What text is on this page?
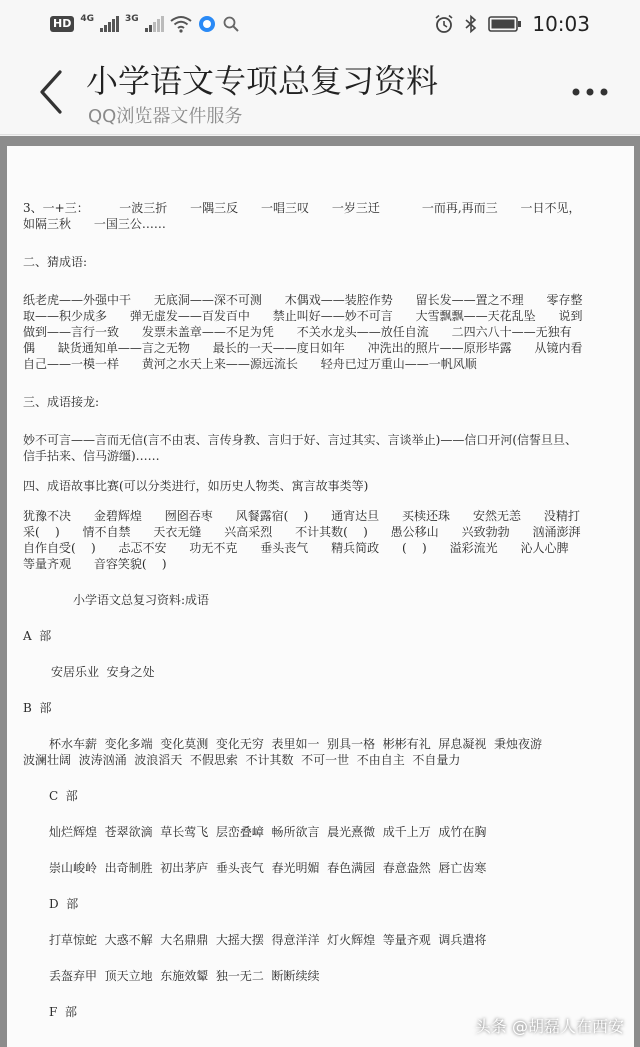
HD	4G	3G	10:03
小学语文专项总复习资料
QQ浏览器文件服务

3、一+三：        一波三折      一隅三反      一唱三叹      一岁三迁           一而再,再而三      一日不见，如隔三秋      一国三公……

二、猜成语:

纸老虎——外强中干      无底洞——深不可测      木偶戏——装腔作势      留长发——置之不理      零存整取——积少成多      弹无虚发——百发百中      禁止叫好——妙不可言      大雪飘飘——天花乱坠      说到做到——言行一致      发票未盖章——不足为凭      不关水龙头——放任自流      二四六八十——无独有偶      缺货通知单——言之无物      最长的一天——度日如年      冲洗出的照片——原形毕露      从镜内看自己——一模一样      黄河之水天上来——源远流长      轻舟已过万重山——一帆风顺

三、成语接龙:

妙不可言——言而无信(言不由衷、言传身教、言归于好、言过其实、言谈举止)——信口开河(信誓旦旦、信手拈来、信马游缰)……

四、成语故事比赛(可以分类进行，如历史人物类、寓言故事类等)

犹豫不决      金碧辉煌      囫囵吞枣      风餐露宿(    )      通宵达旦      买椟还珠      安然无恙      没精打采(    )      情不自禁      天衣无缝      兴高采烈      不计其数(    )      愚公移山      兴致勃勃      汹涌澎湃      自作自受(    )      忐忑不安      功无不克      垂头丧气      精兵简政      (    )      溢彩流光      沁人心脾      等量齐观      音容笑貌(    )

小学语文总复习资料:成语

A  部

安居乐业  安身之处

B  部

杯水车薪  变化多端  变化莫测  变化无穷  表里如一  别具一格  彬彬有礼  屏息凝视  秉烛夜游

波澜壮阔  波涛汹涌  波浪滔天  不假思索  不计其数  不可一世  不由自主  不自量力

C  部

灿烂辉煌  苍翠欲滴  草长莺飞  层峦叠嶂  畅所欲言  晨光熹微  成千上万  成竹在胸

崇山峻岭  出奇制胜  初出茅庐  垂头丧气  春光明媚  春色满园  春意盎然  唇亡齿寒

D  部

打草惊蛇  大惑不解  大名鼎鼎  大摇大摆  得意洋洋  灯火辉煌  等量齐观  调兵遣将

丢盔弃甲  顶天立地  东施效颦  独一无二  断断续续

F  部

头条 @胡磊人在西安
